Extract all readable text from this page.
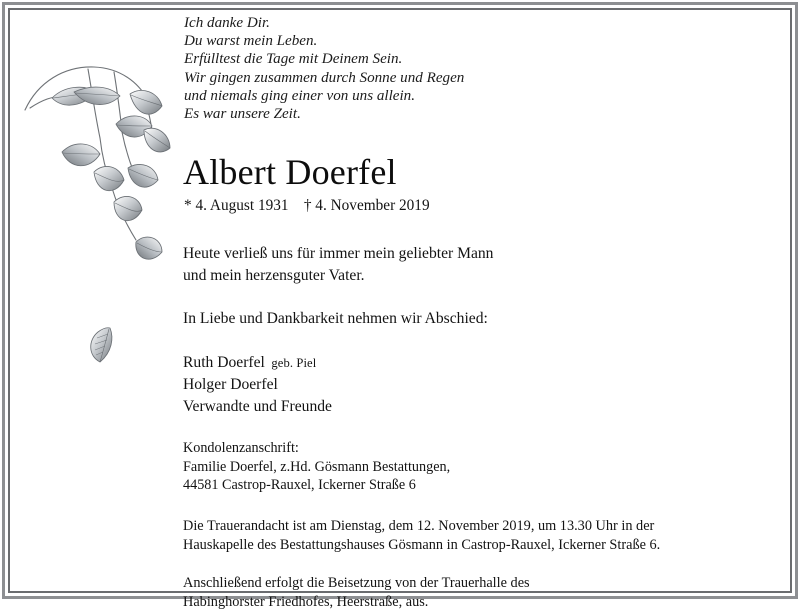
Ich danke Dir.
Du warst mein Leben.
Erfülltest die Tage mit Deinem Sein.
Wir gingen zusammen durch Sonne und Regen
und niemals ging einer von uns allein.
Es war unsere Zeit.
Albert Doerfel
* 4. August 1931    † 4. November 2019
Heute verließ uns für immer mein geliebter Mann
und mein herzensguter Vater.
In Liebe und Dankbarkeit nehmen wir Abschied:
Ruth Doerfel  geb. Piel
Holger Doerfel
Verwandte und Freunde
Kondolenzanschrift:
Familie Doerfel, z.Hd. Gösmann Bestattungen,
44581 Castrop-Rauxel, Ickerner Straße 6
Die Trauerandacht ist am Dienstag, dem 12. November 2019, um 13.30 Uhr in der
Hauskapelle des Bestattungshauses Gösmann in Castrop-Rauxel, Ickerner Straße 6.
Anschließend erfolgt die Beisetzung von der Trauerhalle des
Habinghorster Friedhofes, Heerstraße, aus.
